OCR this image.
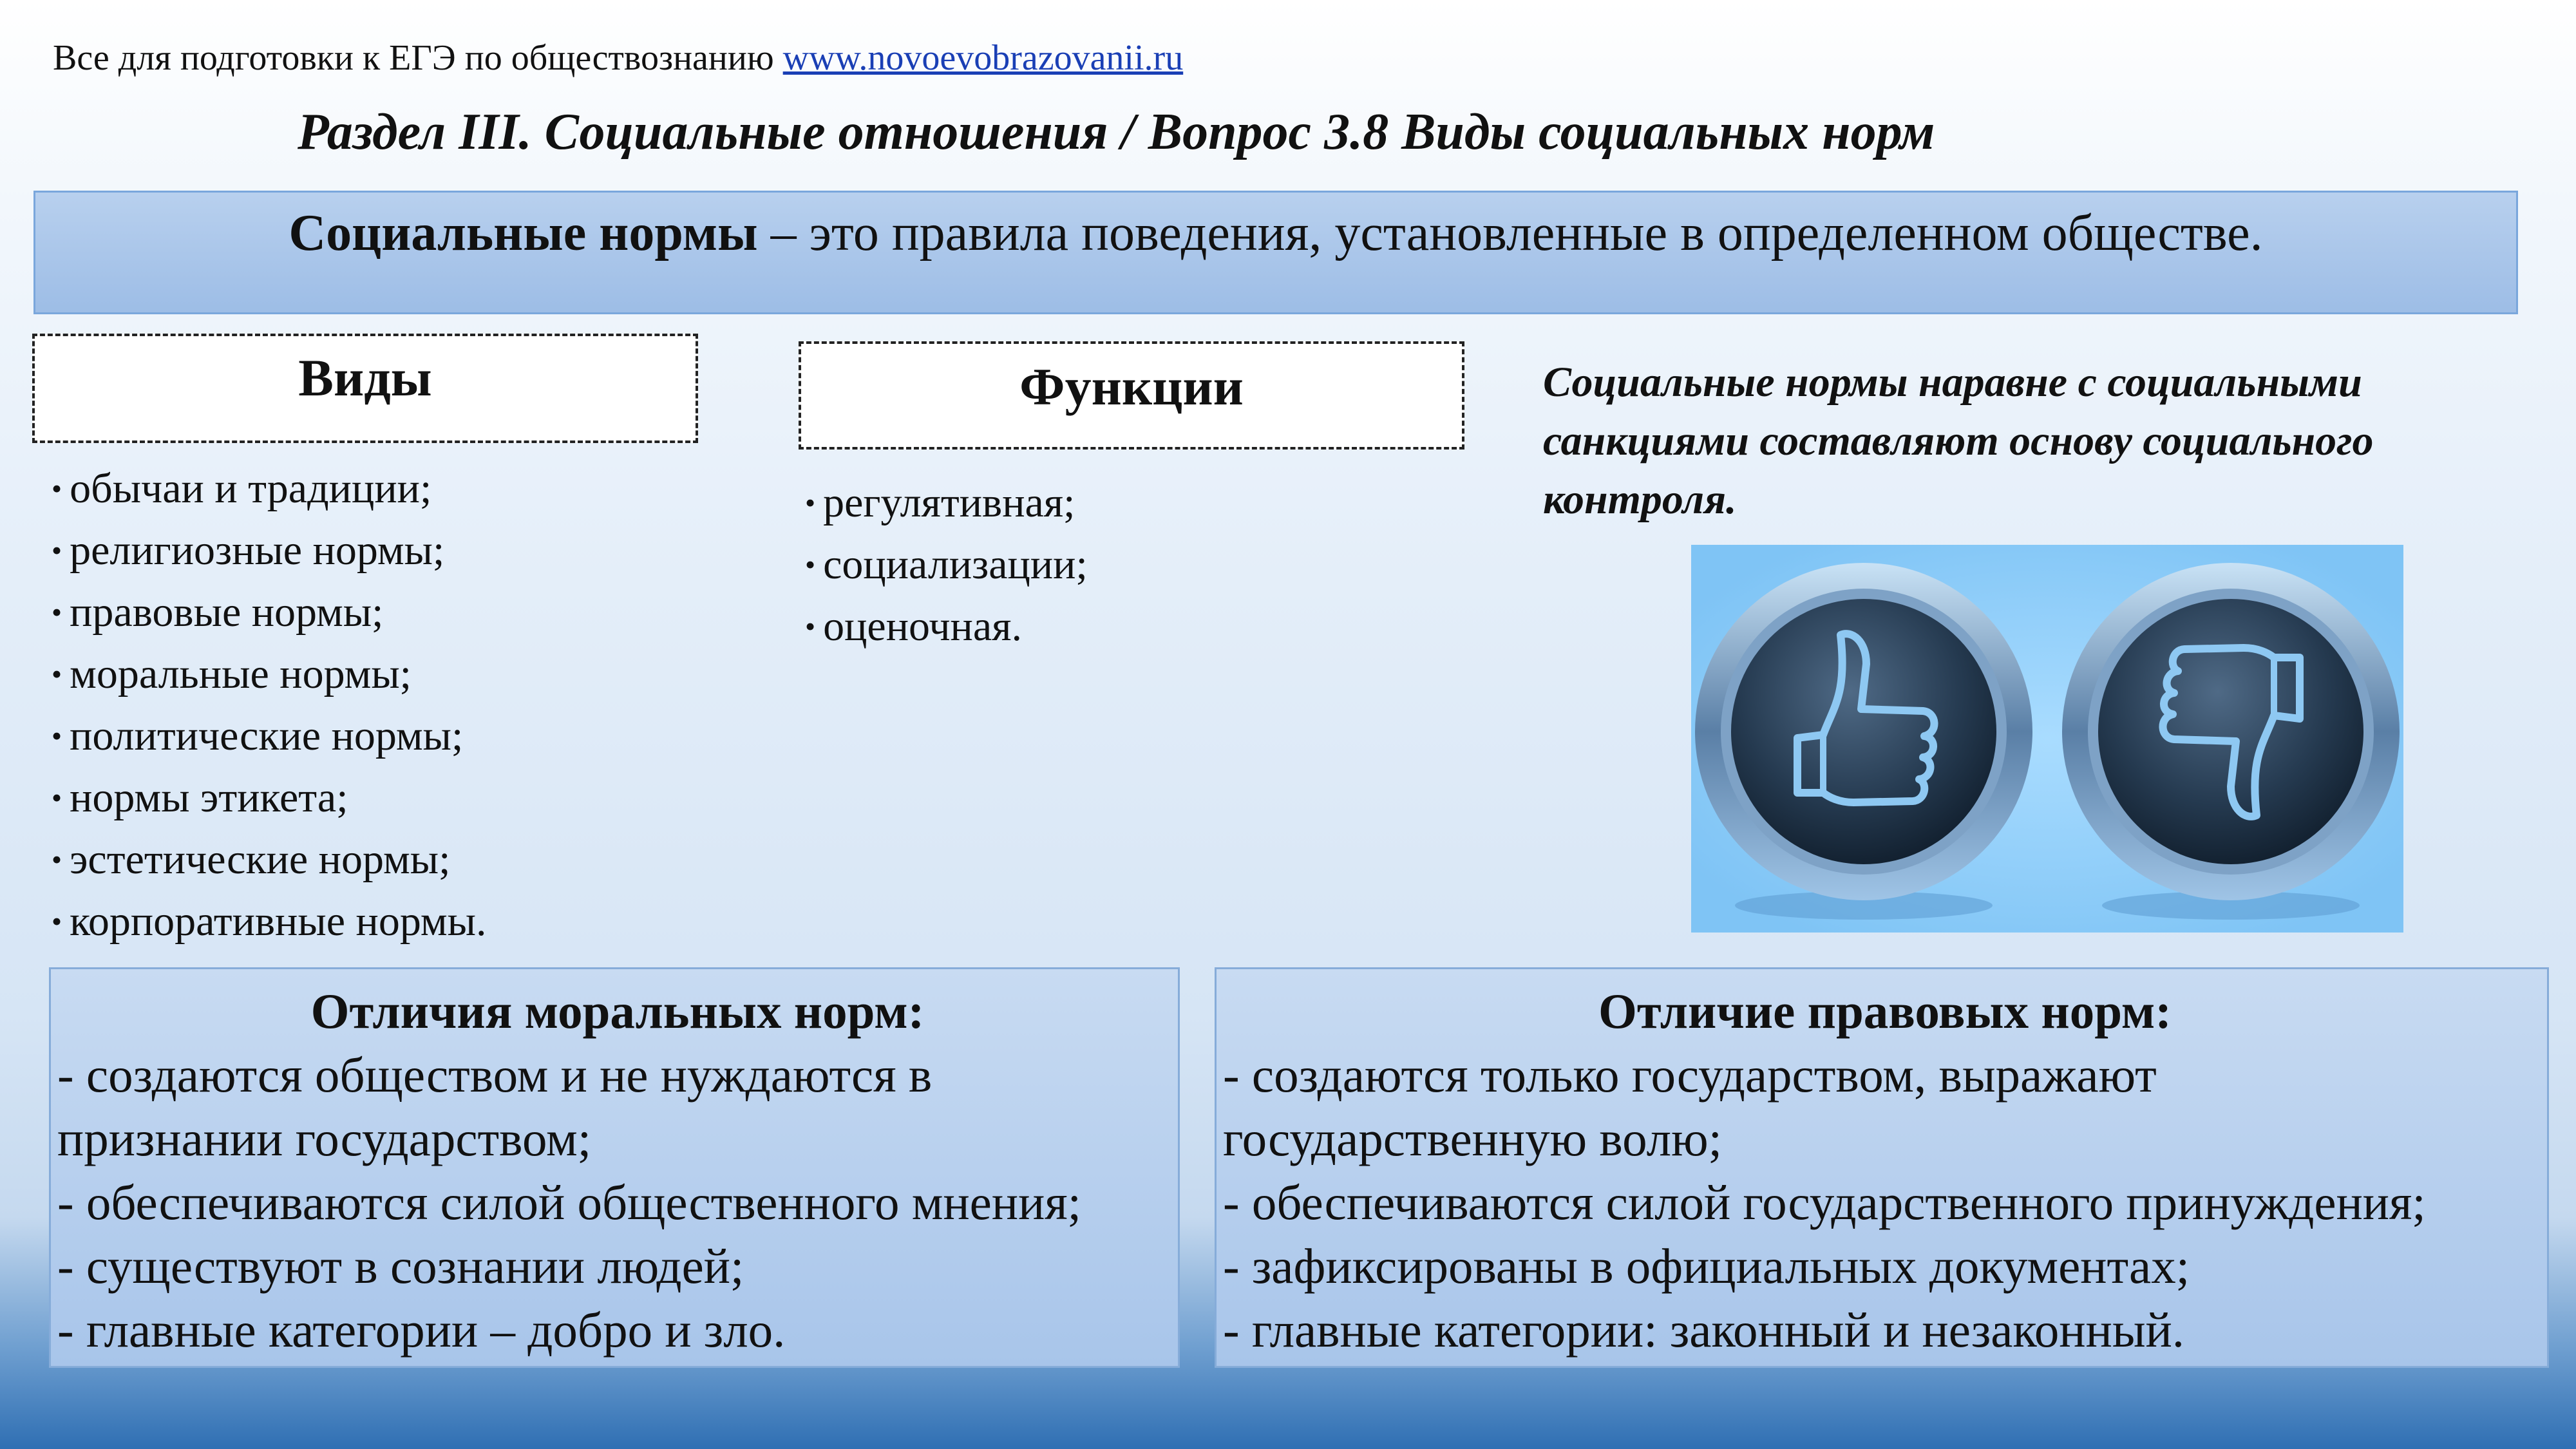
Все для подготовки к ЕГЭ по обществознанию www.novoevobrazovanii.ru
Раздел III. Социальные отношения / Вопрос 3.8 Виды социальных норм
Социальные нормы – это правила поведения, установленные в определенном обществе.
Виды
• обычаи и традиции;
• религиозные нормы;
• правовые нормы;
• моральные нормы;
• политические нормы;
• нормы этикета;
• эстетические нормы;
• корпоративные нормы.
Функции
• регулятивная;
• социализации;
• оценочная.
Социальные нормы наравне с социальными санкциями составляют основу социального контроля.
Отличия моральных норм:
- создаются обществом и не нуждаются в
признании государством;
- обеспечиваются силой общественного мнения;
- существуют в сознании людей;
- главные категории – добро и зло.
Отличие правовых норм:
- создаются только государством, выражают
государственную волю;
- обеспечиваются силой государственного принуждения;
- зафиксированы в официальных документах;
- главные категории: законный и незаконный.
